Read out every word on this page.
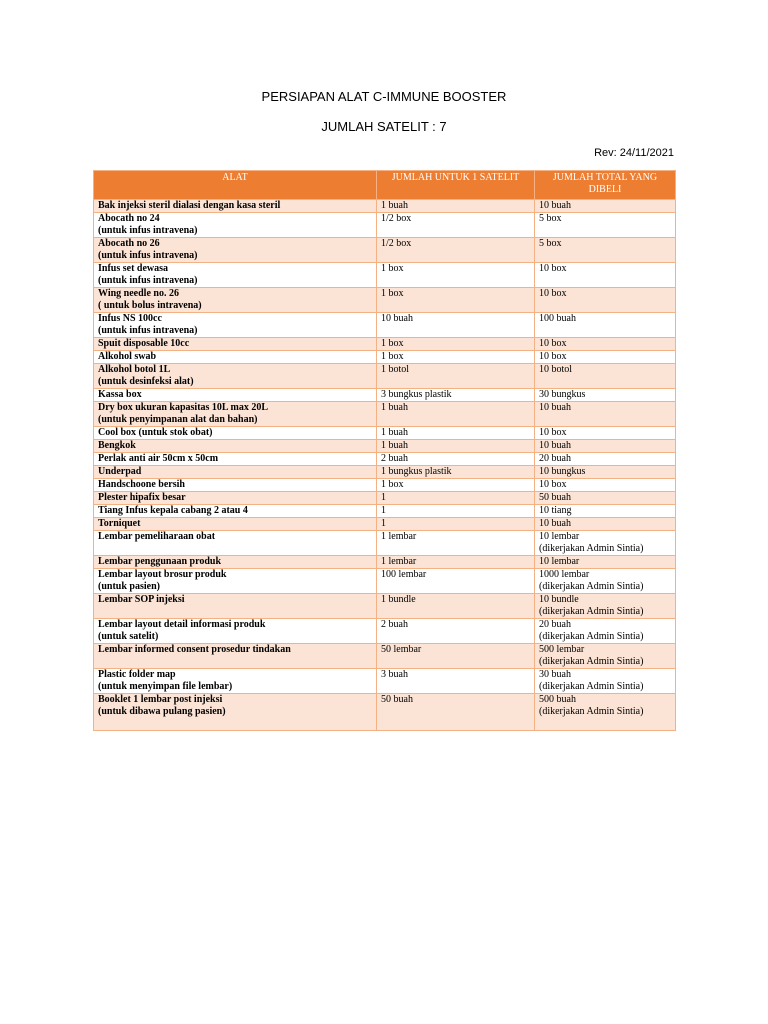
PERSIAPAN ALAT C-IMMUNE BOOSTER
JUMLAH SATELIT : 7
Rev: 24/11/2021
ALAT	JUMLAH UNTUK 1 SATELIT	JUMLAH TOTAL YANG DIBELI

Bak injeksi steril dialasi dengan kasa steril	1 buah	10 buah

Abocath no 24
(untuk infus intravena)	1/2 box	5 box

Abocath no 26
(untuk infus intravena)	1/2 box	5 box

Infus set dewasa
(untuk infus intravena)	1 box	10 box

Wing needle no. 26
( untuk bolus intravena)	1 box	10 box

Infus NS 100cc
(untuk infus intravena)	10 buah	100 buah

Spuit disposable 10cc	1 box	10 box

Alkohol swab	1 box	10 box

Alkohol botol 1L
(untuk desinfeksi alat)	1 botol	10 botol

Kassa box	3 bungkus plastik	30 bungkus

Dry box ukuran kapasitas 10L max 20L
(untuk penyimpanan alat dan bahan)	1 buah	10 buah

Cool box (untuk stok obat)	1 buah	10 box

Bengkok	1 buah	10 buah

Perlak anti air 50cm x 50cm	2 buah	20 buah

Underpad	1 bungkus plastik	10 bungkus

Handschoone bersih	1 box	10 box

Plester hipafix besar	1	50 buah

Tiang Infus kepala cabang 2 atau 4	1	10 tiang

Torniquet	1	10 buah

Lembar pemeliharaan obat	1 lembar	10 lembar
(dikerjakan Admin Sintia)

Lembar penggunaan produk	1 lembar	10 lembar

Lembar layout brosur produk
(untuk pasien)	100 lembar	1000 lembar
(dikerjakan Admin Sintia)

Lembar SOP injeksi	1 bundle	10 bundle
(dikerjakan Admin Sintia)

Lembar layout detail informasi produk
(untuk satelit)	2 buah	20 buah
(dikerjakan Admin Sintia)

Lembar informed consent prosedur tindakan	50 lembar	500 lembar
(dikerjakan Admin Sintia)

Plastic folder map
(untuk menyimpan file lembar)	3 buah	30 buah
(dikerjakan Admin Sintia)

Booklet 1 lembar post injeksi
(untuk dibawa pulang pasien)	50 buah	500 buah
(dikerjakan Admin Sintia)
